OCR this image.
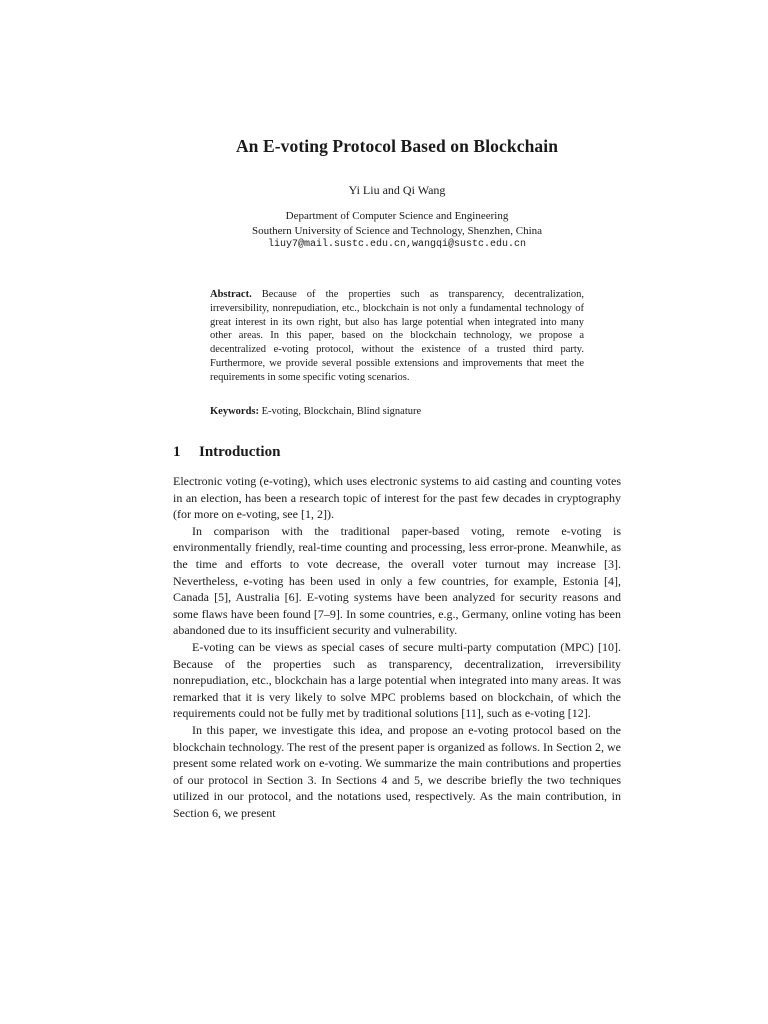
An E-voting Protocol Based on Blockchain
Yi Liu and Qi Wang
Department of Computer Science and Engineering
Southern University of Science and Technology, Shenzhen, China
liuy7@mail.sustc.edu.cn,wangqi@sustc.edu.cn
Abstract. Because of the properties such as transparency, decentralization, irreversibility, nonrepudiation, etc., blockchain is not only a fundamental technology of great interest in its own right, but also has large potential when integrated into many other areas. In this paper, based on the blockchain technology, we propose a decentralized e-voting protocol, without the existence of a trusted third party. Furthermore, we provide several possible extensions and improvements that meet the requirements in some specific voting scenarios.
Keywords: E-voting, Blockchain, Blind signature
1 Introduction

Electronic voting (e-voting), which uses electronic systems to aid casting and counting votes in an election, has been a research topic of interest for the past few decades in cryptography (for more on e-voting, see [1, 2]).

In comparison with the traditional paper-based voting, remote e-voting is environmentally friendly, real-time counting and processing, less error-prone. Meanwhile, as the time and efforts to vote decrease, the overall voter turnout may increase [3]. Nevertheless, e-voting has been used in only a few countries, for example, Estonia [4], Canada [5], Australia [6]. E-voting systems have been analyzed for security reasons and some flaws have been found [7–9]. In some countries, e.g., Germany, online voting has been abandoned due to its insufficient security and vulnerability.

E-voting can be views as special cases of secure multi-party computation (MPC) [10]. Because of the properties such as transparency, decentralization, irreversibility nonrepudiation, etc., blockchain has a large potential when integrated into many areas. It was remarked that it is very likely to solve MPC problems based on blockchain, of which the requirements could not be fully met by traditional solutions [11], such as e-voting [12].

In this paper, we investigate this idea, and propose an e-voting protocol based on the blockchain technology. The rest of the present paper is organized as follows. In Section 2, we present some related work on e-voting. We summarize the main contributions and properties of our protocol in Section 3. In Sections 4 and 5, we describe briefly the two techniques utilized in our protocol, and the notations used, respectively. As the main contribution, in Section 6, we present
